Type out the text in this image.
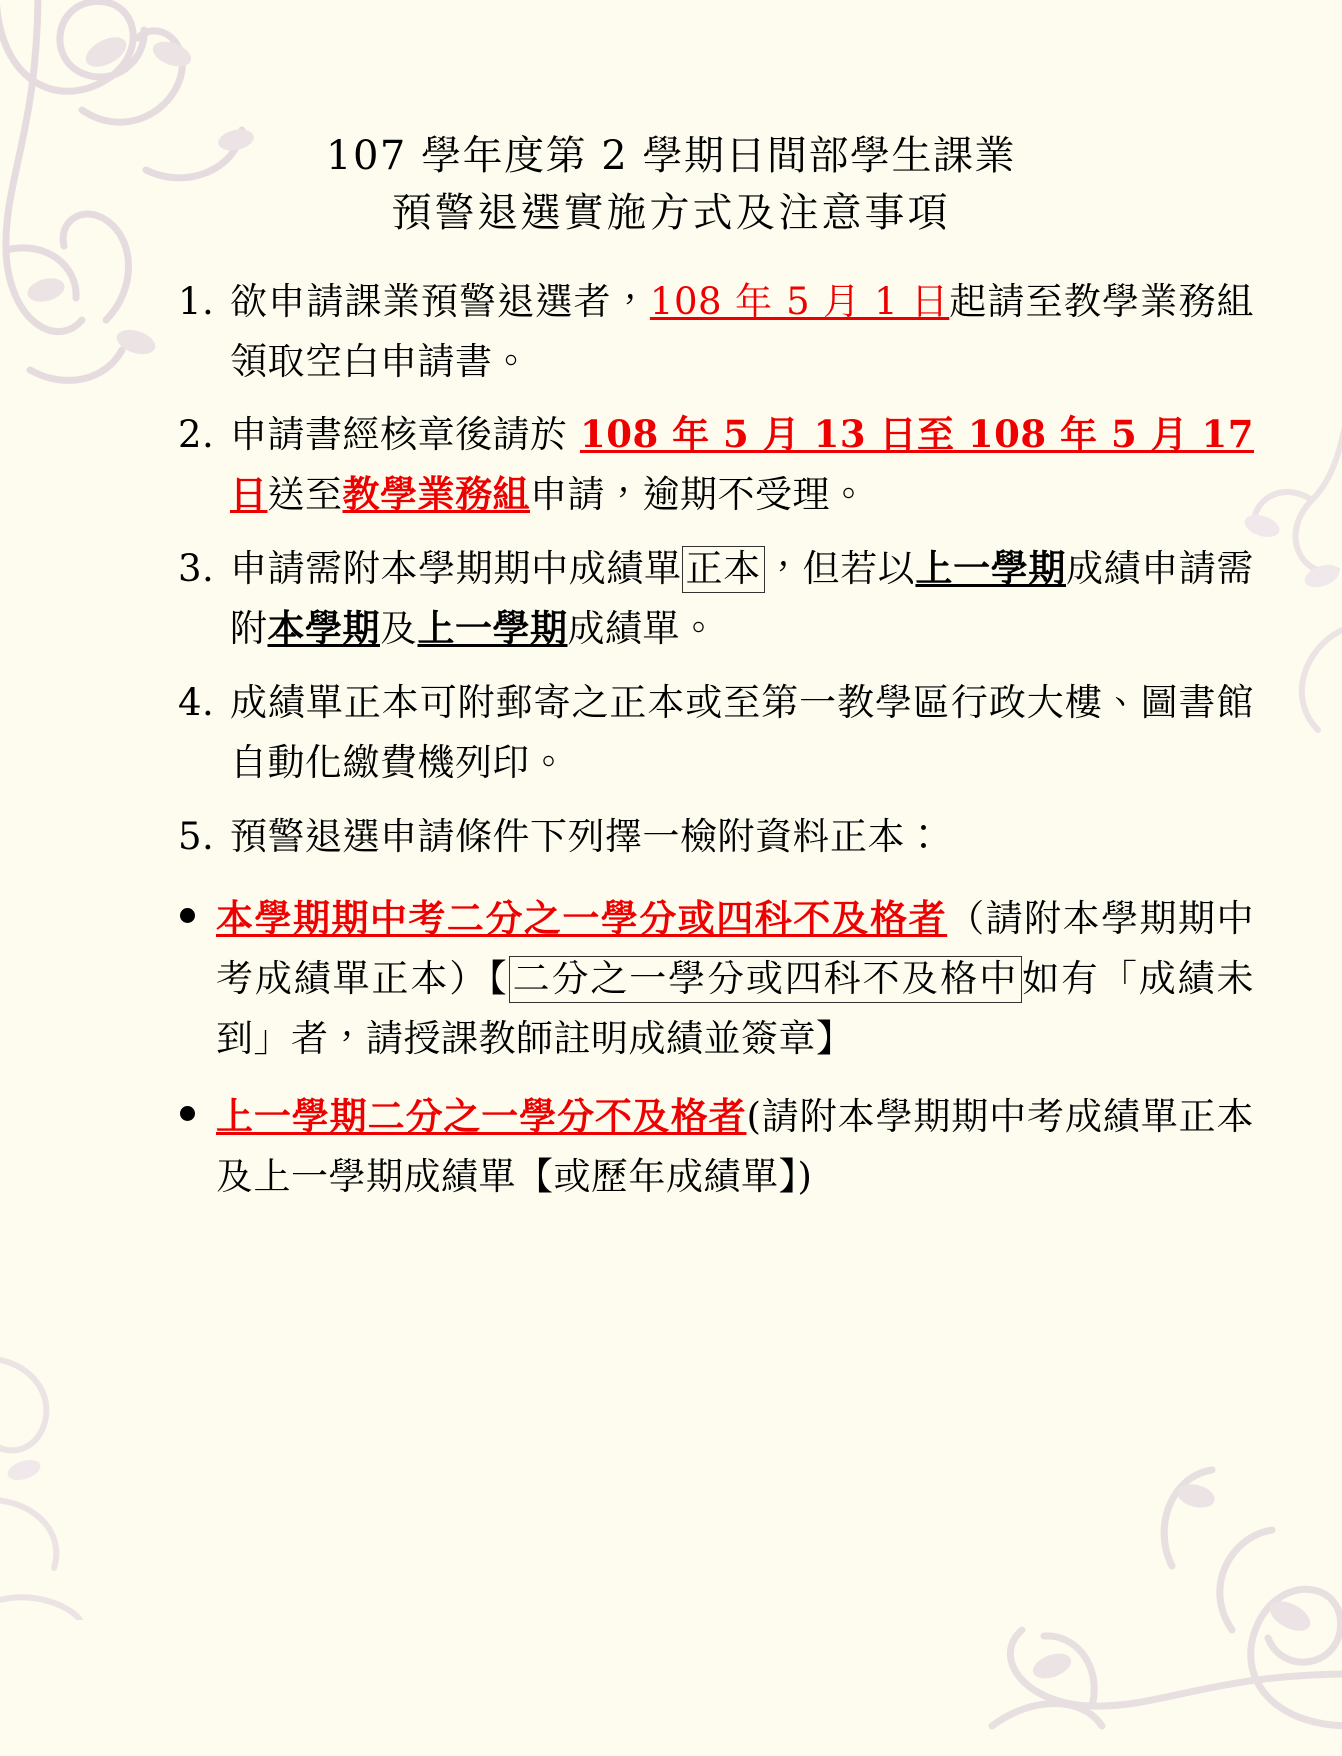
107 學年度第 2 學期日間部學生課業
預警退選實施方式及注意事項
1. 欲申請課業預警退選者，108 年 5 月 1 日起請至教學業務組領取空白申請書。
2. 申請書經核章後請於 108 年 5 月 13 日至 108 年 5 月 17 日送至教學業務組申請，逾期不受理。
3. 申請需附本學期期中成績單 正本 ，但若以上一學期成績申請需附本學期及上一學期成績單。
4. 成績單正本可附郵寄之正本或至第一教學區行政大樓、圖書館自動化繳費機列印。
5. 預警退選申請條件下列擇一檢附資料正本：
本學期期中考二分之一學分或四科不及格者（請附本學期期中考成績單正本）【 二分之一學分或四科不及格中 如有「成績未到」者，請授課教師註明成績並簽章】
上一學期二分之一學分不及格者(請附本學期期中考成績單正本及上一學期成績單【或歷年成績單】)
